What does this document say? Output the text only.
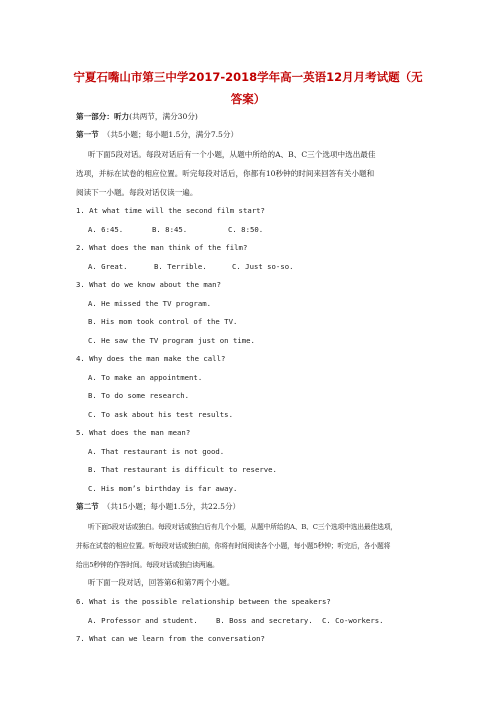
宁夏石嘴山市第三中学2017-2018学年高一英语12月月考试题（无
答案）
第一部分：听力(共两节，满分30分)
第一节 （共5小题；每小题1.5分，满分7.5分）
听下面5段对话。每段对话后有一个小题，从题中所给的A、B、C三个选项中选出最佳
选项，并标在试卷的相应位置。听完每段对话后，你都有10秒钟的时间来回答有关小题和
阅读下一小题。每段对话仅读一遍。
1. At what time will the second film start?
A. 6:45.	B. 8:45.	C. 8:50.
2. What does the man think of the film?
A. Great.	B. Terrible.	C. Just so-so.
3. What do we know about the man?
A. He missed the TV program.
B. His mom took control of the TV.
C. He saw the TV program just on time.
4. Why does the man make the call?
A. To make an appointment.
B. To do some research.
C. To ask about his test results.
5. What does the man mean?
A. That restaurant is not good.
B. That restaurant is difficult to reserve.
C. His mom’s birthday is far away.
第二节 （共15小题；每小题1.5分，共22.5分）
听下面5段对话或独白。每段对话或独白后有几个小题，从题中所给的A、B、C三个选项中选出最佳选项，
并标在试卷的相应位置。听每段对话或独白前，你将有时间阅读各个小题，每小题5秒钟；听完后，各小题将
给出5秒钟的作答时间。每段对话或独白读两遍。
听下面一段对话，回答第6和第7两个小题。
6. What is the possible relationship between the speakers?
A. Professor and student. B. Boss and secretary. C. Co-workers.
7. What can we learn from the conversation?
